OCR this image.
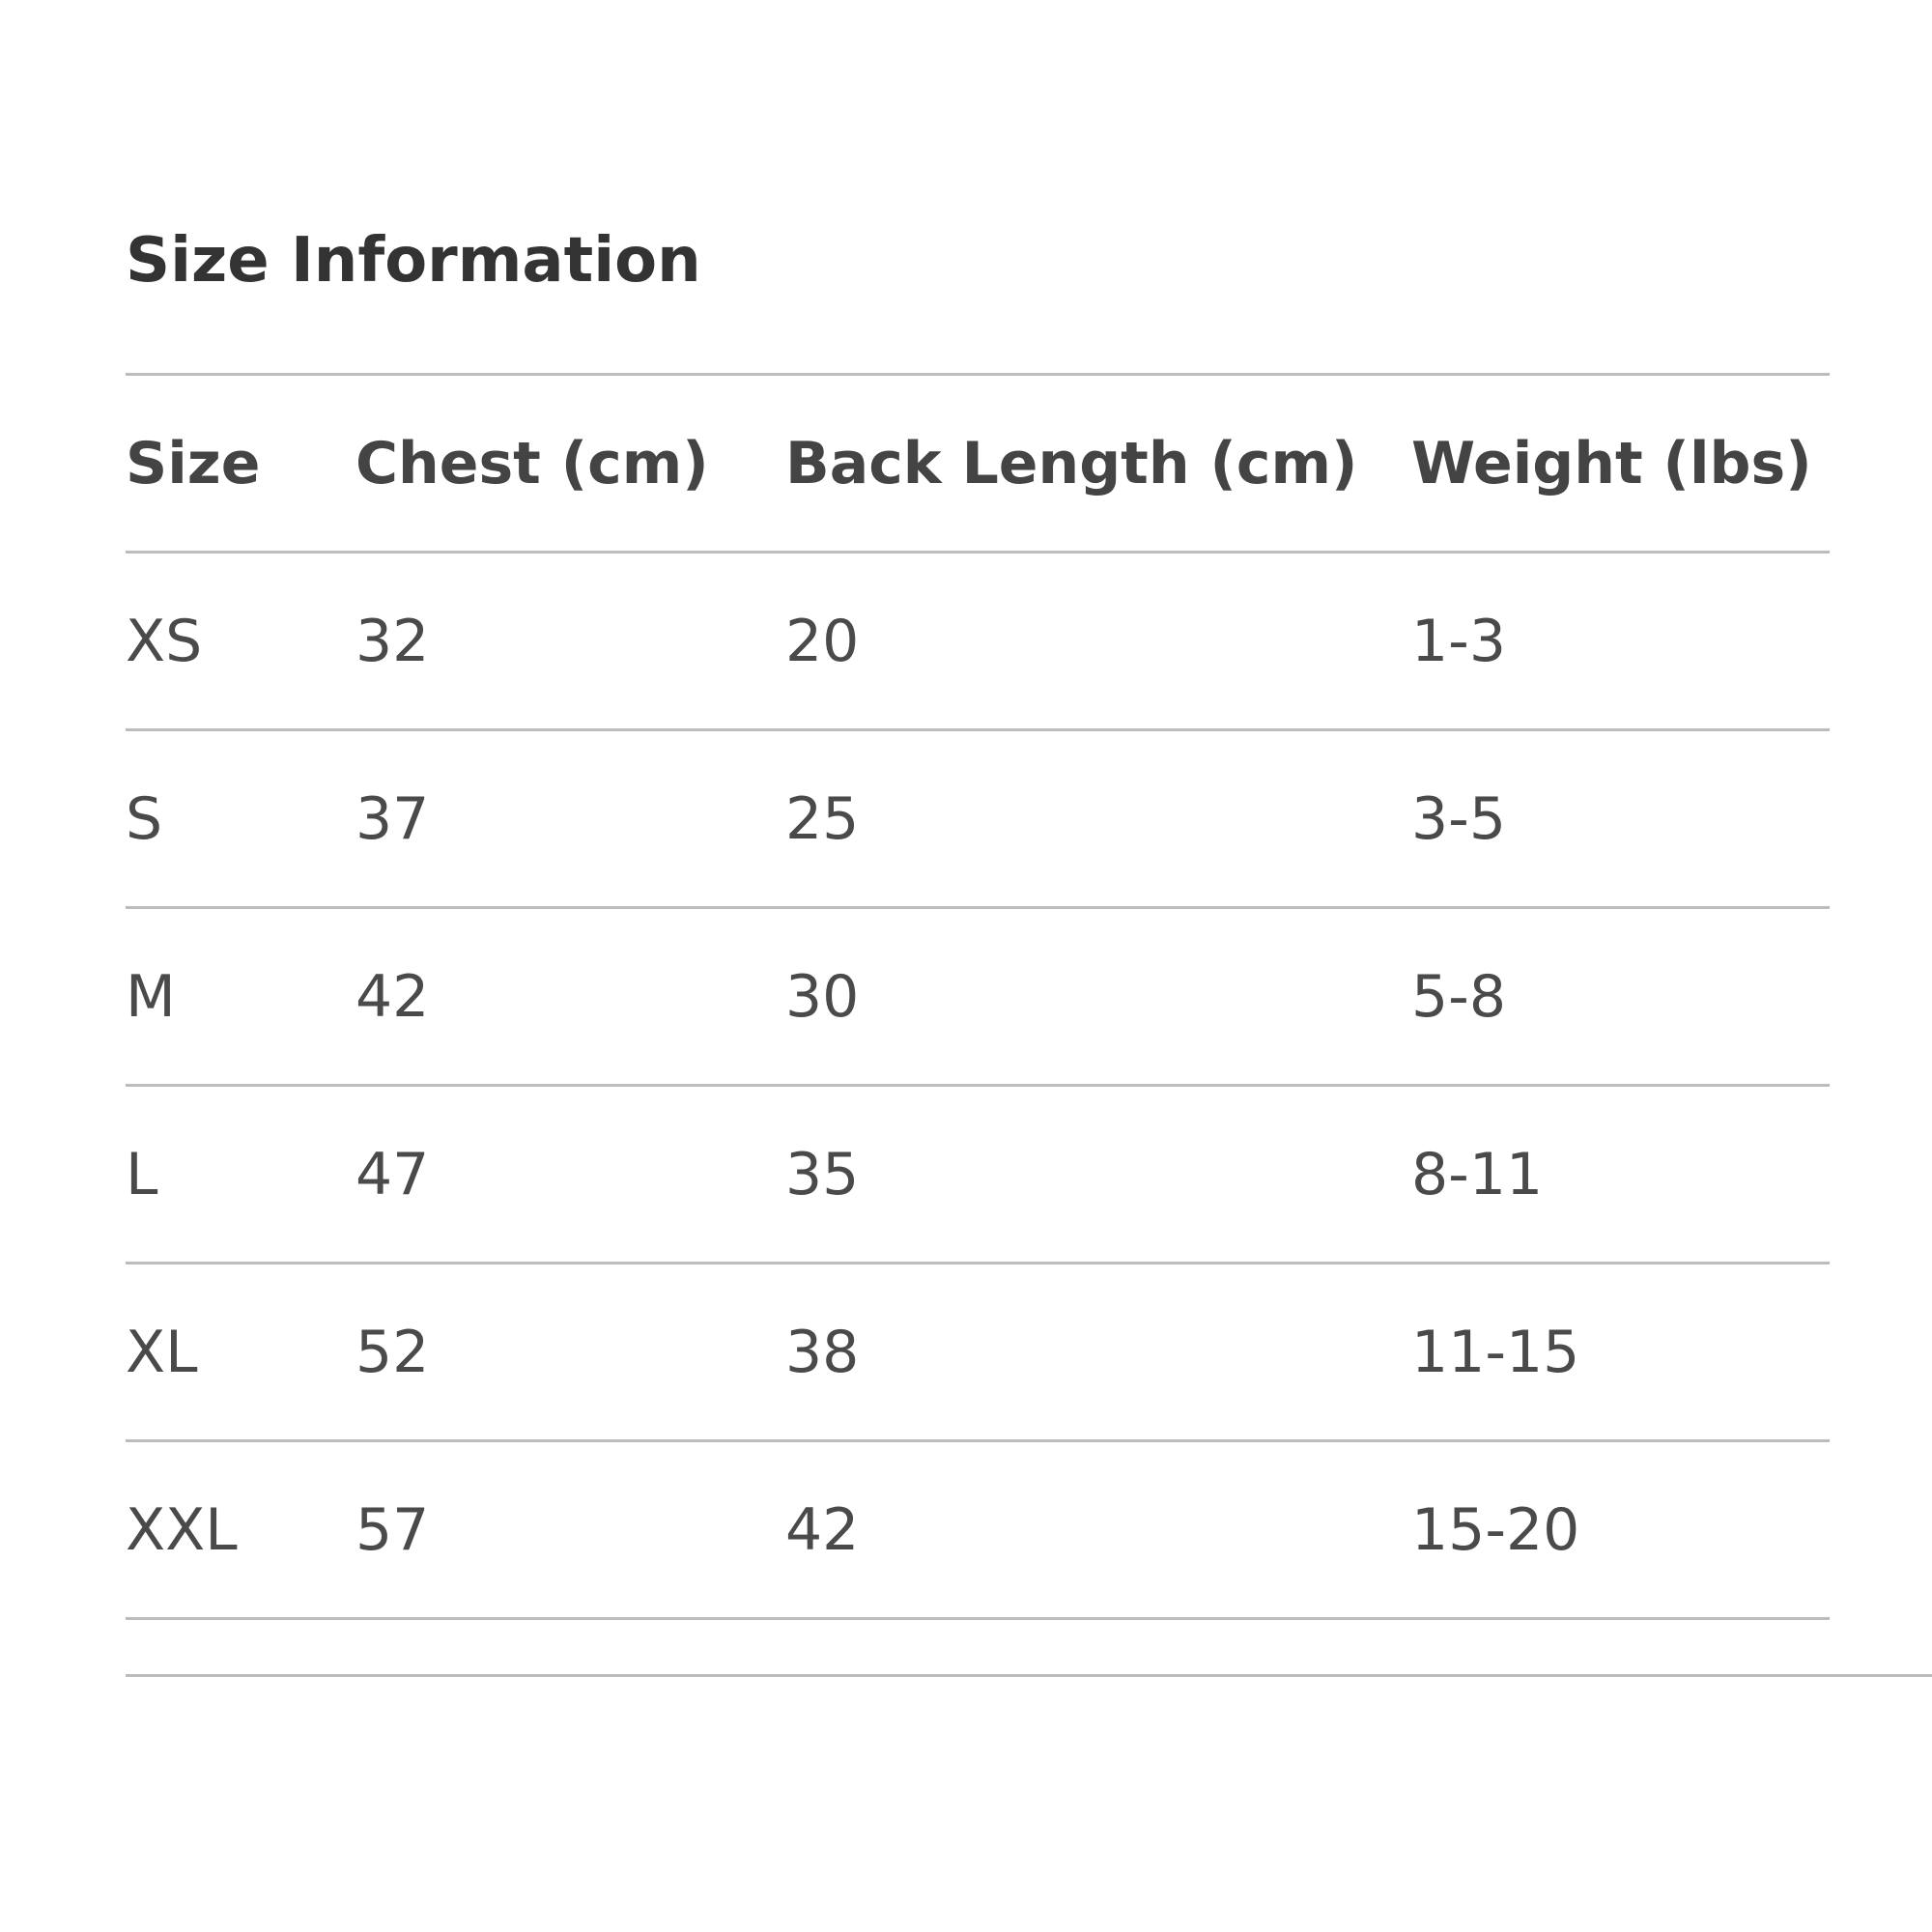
Size Information
Size	Chest (cm)	Back Length (cm)	Weight (lbs)
XS	32	20	1-3
S	37	25	3-5
M	42	30	5-8
L	47	35	8-11
XL	52	38	11-15
XXL	57	42	15-20
